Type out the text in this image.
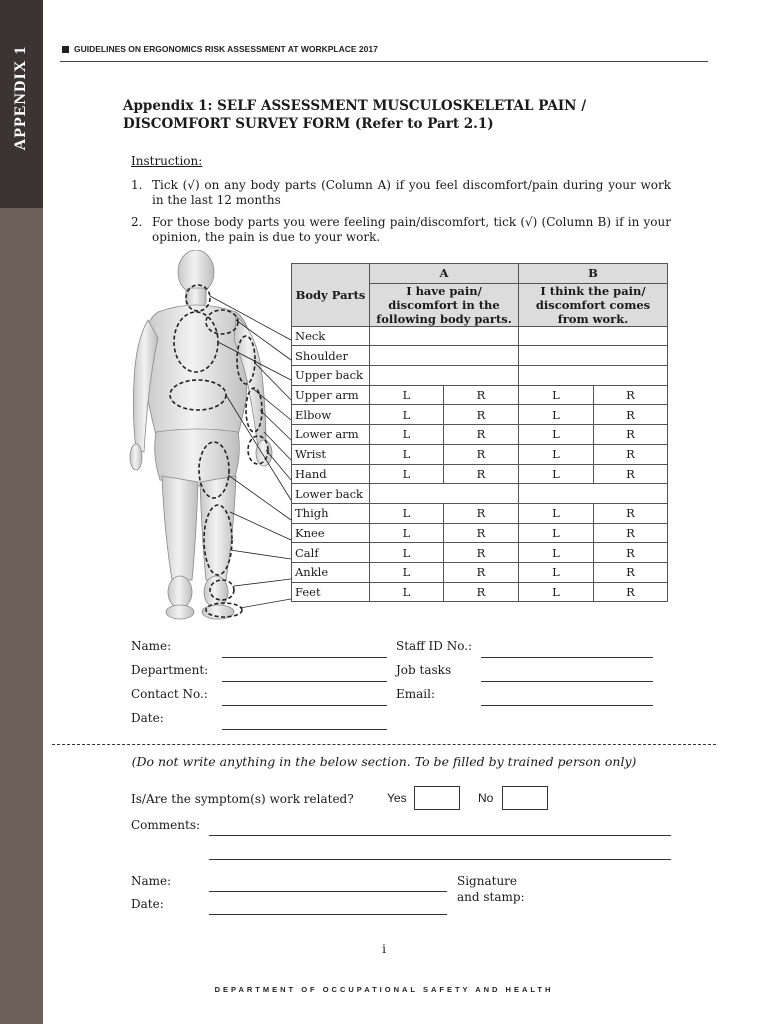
APPENDIX 1	GUIDELINES ON ERGONOMICS RISK ASSESSMENT AT WORKPLACE 2017
Appendix 1: SELF ASSESSMENT MUSCULOSKELETAL PAIN /
DISCOMFORT SURVEY FORM (Refer to Part 2.1)
Instruction:
1. Tick (√) on any body parts (Column A) if you feel discomfort/pain during your work in the last 12 months
2. For those body parts you were feeling pain/discomfort, tick (√) (Column B) if in your opinion, the pain is due to your work.
Body Parts	A		B	
	I have pain/ discomfort in the following body parts.		I think the pain/ discomfort comes from work.	
Neck				
Shoulder				
Upper back				
Upper arm	L	R	L	R
Elbow	L	R	L	R
Lower arm	L	R	L	R
Wrist	L	R	L	R
Hand	L	R	L	R
Lower back				
Thigh	L	R	L	R
Knee	L	R	L	R
Calf	L	R	L	R
Ankle	L	R	L	R
Feet	L	R	L	R
Name:
Department:
Contact No.:
Date:
Staff ID No.:
Job tasks
Email:
(Do not write anything in the below section. To be filled by trained person only)
Is/Are the symptom(s) work related?	Yes	No
Comments:
Name:
Date:
Signature
and stamp:
i
DEPARTMENT OF OCCUPATIONAL SAFETY AND HEALTH
